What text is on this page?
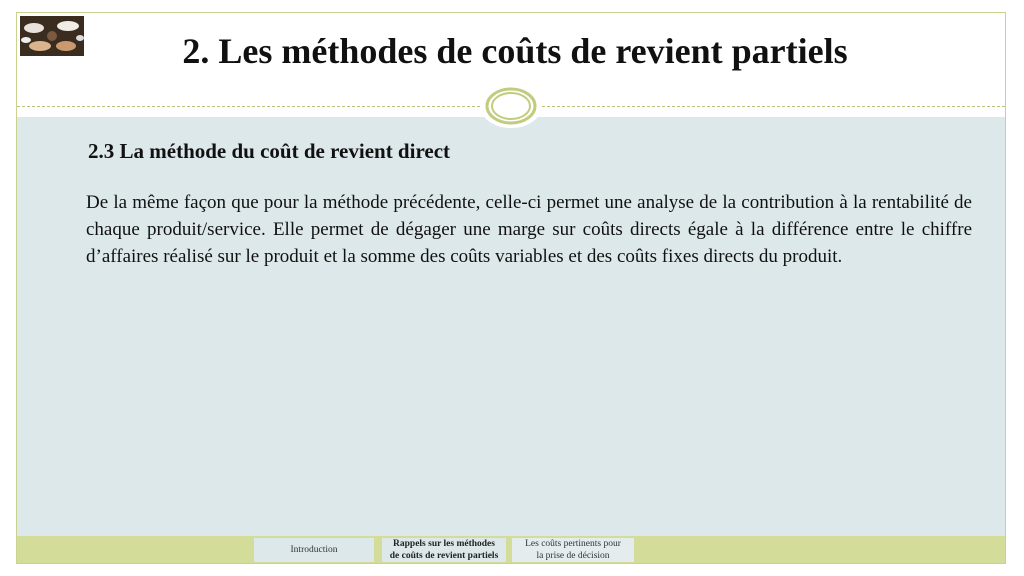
2. Les méthodes de coûts de revient partiels
2.3 La méthode du coût de revient direct

De la même façon que pour la méthode précédente, celle-ci permet une analyse de la contribution à la rentabilité de chaque produit/service. Elle permet de dégager une marge sur coûts directs égale à la différence entre le chiffre d’affaires réalisé sur le produit et la somme des coûts variables et des coûts fixes directs du produit.

Introduction
Rappels sur les méthodes
de coûts de revient partiels
Les coûts pertinents pour
la prise de décision
